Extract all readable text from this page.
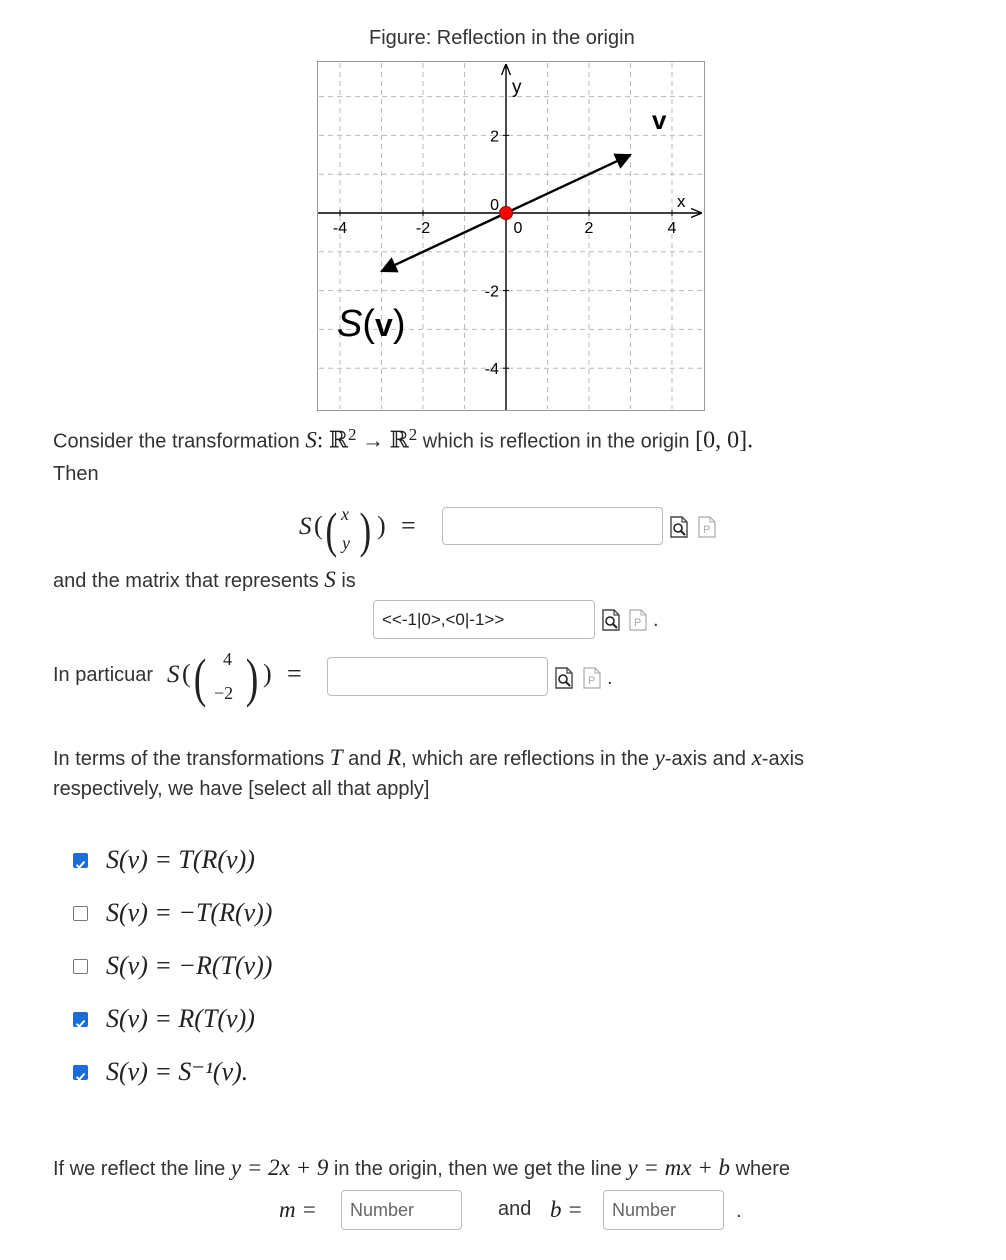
Figure: Reflection in the origin
-4	-2	0	2	4
2
0
-2
-4
x
y
v
S(v)
Consider the transformation S: ℝ$^2$ → ℝ$^2$ which is reflection in the origin [0, 0].
Then
S ( ( x
y ) ) =	P
and the matrix that represents S is
<<-1|0>,<0|-1>>
P .
In particuar S ( ( 4
−2 ) ) =	P .
In terms of the transformations T and R, which are reflections in the y-axis and x-axis
respectively, we have [select all that apply]
S(v) = T(R(v))
S(v) = −T(R(v))
S(v) = −R(T(v))
S(v) = R(T(v))
S(v) = S⁻¹(v).
If we reflect the line y = 2x + 9 in the origin, then we get the line y = mx + b where
m =
Number	and b =
Number	.
